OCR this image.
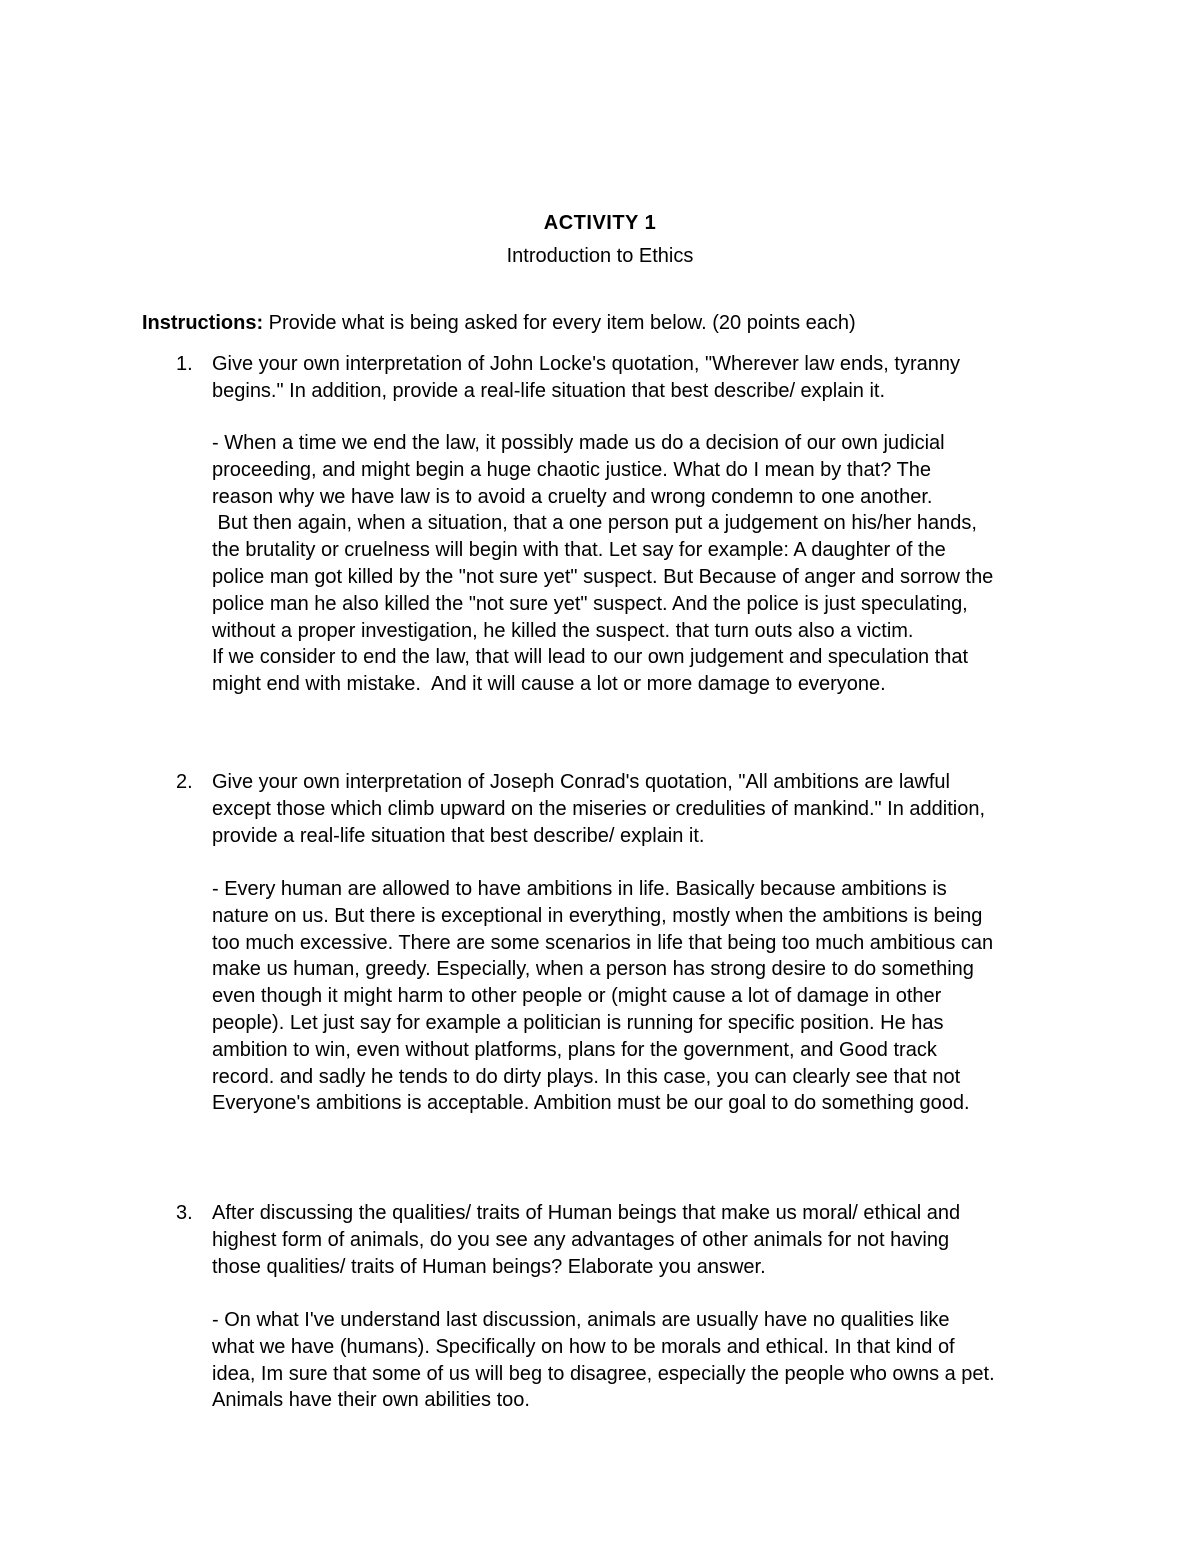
ACTIVITY 1
Introduction to Ethics
Instructions: Provide what is being asked for every item below. (20 points each)
1. Give your own interpretation of John Locke's quotation, "Wherever law ends, tyranny
begins." In addition, provide a real-life situation that best describe/ explain it.
- When a time we end the law, it possibly made us do a decision of our own judicial
proceeding, and might begin a huge chaotic justice. What do I mean by that? The
reason why we have law is to avoid a cruelty and wrong condemn to one another.
But then again, when a situation, that a one person put a judgement on his/her hands,
the brutality or cruelness will begin with that. Let say for example: A daughter of the
police man got killed by the "not sure yet" suspect. But Because of anger and sorrow the
police man he also killed the "not sure yet" suspect. And the police is just speculating,
without a proper investigation, he killed the suspect. that turn outs also a victim.
If we consider to end the law, that will lead to our own judgement and speculation that
might end with mistake.  And it will cause a lot or more damage to everyone.
2. Give your own interpretation of Joseph Conrad's quotation, "All ambitions are lawful
except those which climb upward on the miseries or credulities of mankind." In addition,
provide a real-life situation that best describe/ explain it.
- Every human are allowed to have ambitions in life. Basically because ambitions is
nature on us. But there is exceptional in everything, mostly when the ambitions is being
too much excessive. There are some scenarios in life that being too much ambitious can
make us human, greedy. Especially, when a person has strong desire to do something
even though it might harm to other people or (might cause a lot of damage in other
people). Let just say for example a politician is running for specific position. He has
ambition to win, even without platforms, plans for the government, and Good track
record. and sadly he tends to do dirty plays. In this case, you can clearly see that not
Everyone's ambitions is acceptable. Ambition must be our goal to do something good.
3. After discussing the qualities/ traits of Human beings that make us moral/ ethical and
highest form of animals, do you see any advantages of other animals for not having
those qualities/ traits of Human beings? Elaborate you answer.
- On what I've understand last discussion, animals are usually have no qualities like
what we have (humans). Specifically on how to be morals and ethical. In that kind of
idea, Im sure that some of us will beg to disagree, especially the people who owns a pet.
Animals have their own abilities too.
